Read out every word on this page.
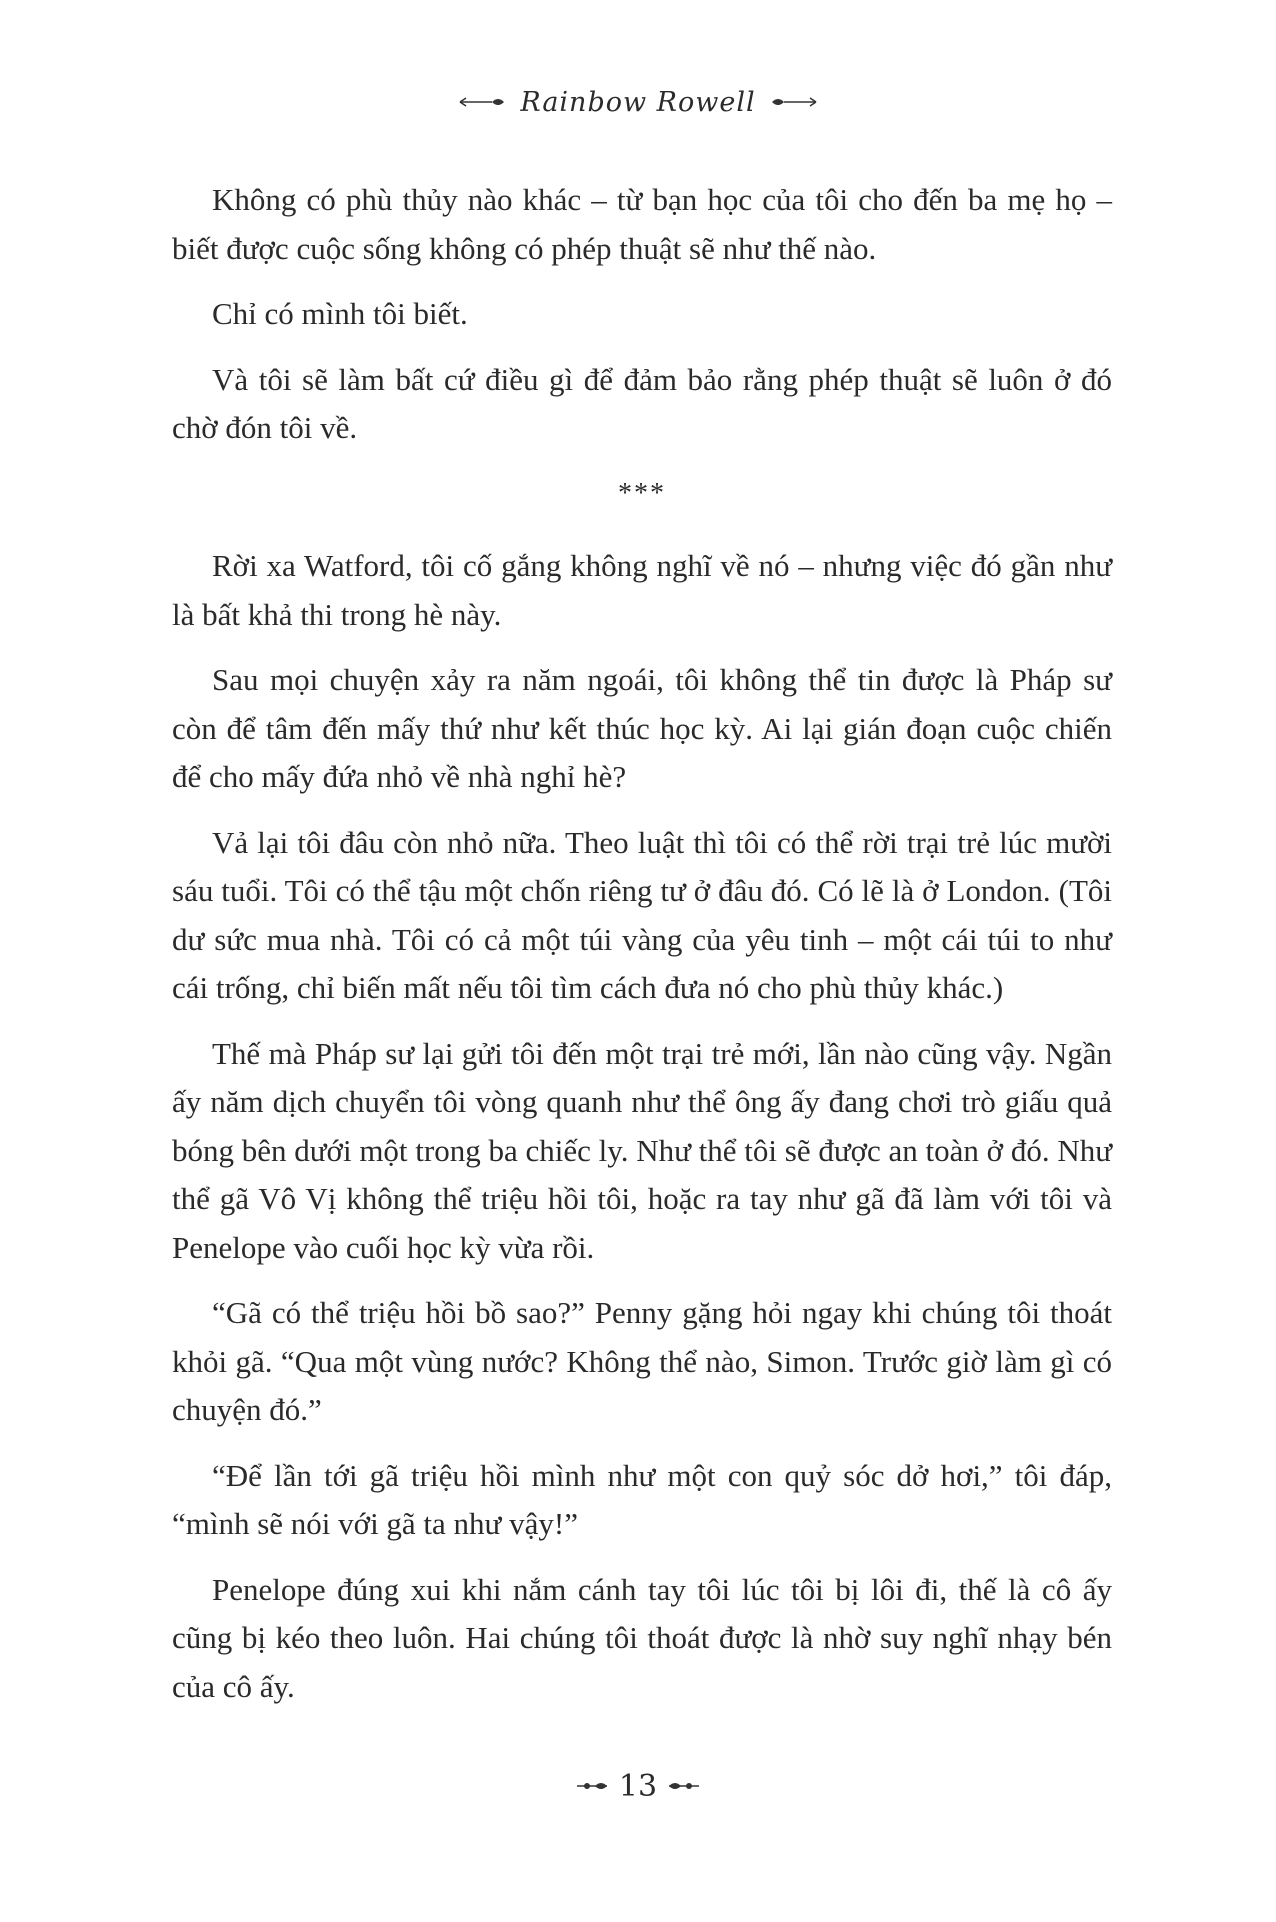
Rainbow Rowell

Không có phù thủy nào khác – từ bạn học của tôi cho đến ba mẹ họ – biết được cuộc sống không có phép thuật sẽ như thế nào.

Chỉ có mình tôi biết.

Và tôi sẽ làm bất cứ điều gì để đảm bảo rằng phép thuật sẽ luôn ở đó chờ đón tôi về.

***

Rời xa Watford, tôi cố gắng không nghĩ về nó – nhưng việc đó gần như là bất khả thi trong hè này.

Sau mọi chuyện xảy ra năm ngoái, tôi không thể tin được là Pháp sư còn để tâm đến mấy thứ như kết thúc học kỳ. Ai lại gián đoạn cuộc chiến để cho mấy đứa nhỏ về nhà nghỉ hè?

Vả lại tôi đâu còn nhỏ nữa. Theo luật thì tôi có thể rời trại trẻ lúc mười sáu tuổi. Tôi có thể tậu một chốn riêng tư ở đâu đó. Có lẽ là ở London. (Tôi dư sức mua nhà. Tôi có cả một túi vàng của yêu tinh – một cái túi to như cái trống, chỉ biến mất nếu tôi tìm cách đưa nó cho phù thủy khác.)

Thế mà Pháp sư lại gửi tôi đến một trại trẻ mới, lần nào cũng vậy. Ngần ấy năm dịch chuyển tôi vòng quanh như thể ông ấy đang chơi trò giấu quả bóng bên dưới một trong ba chiếc ly. Như thể tôi sẽ được an toàn ở đó. Như thể gã Vô Vị không thể triệu hồi tôi, hoặc ra tay như gã đã làm với tôi và Penelope vào cuối học kỳ vừa rồi.

“Gã có thể triệu hồi bồ sao?” Penny gặng hỏi ngay khi chúng tôi thoát khỏi gã. “Qua một vùng nước? Không thể nào, Simon. Trước giờ làm gì có chuyện đó.”

“Để lần tới gã triệu hồi mình như một con quỷ sóc dở hơi,” tôi đáp, “mình sẽ nói với gã ta như vậy!”

Penelope đúng xui khi nắm cánh tay tôi lúc tôi bị lôi đi, thế là cô ấy cũng bị kéo theo luôn. Hai chúng tôi thoát được là nhờ suy nghĩ nhạy bén của cô ấy.

13
